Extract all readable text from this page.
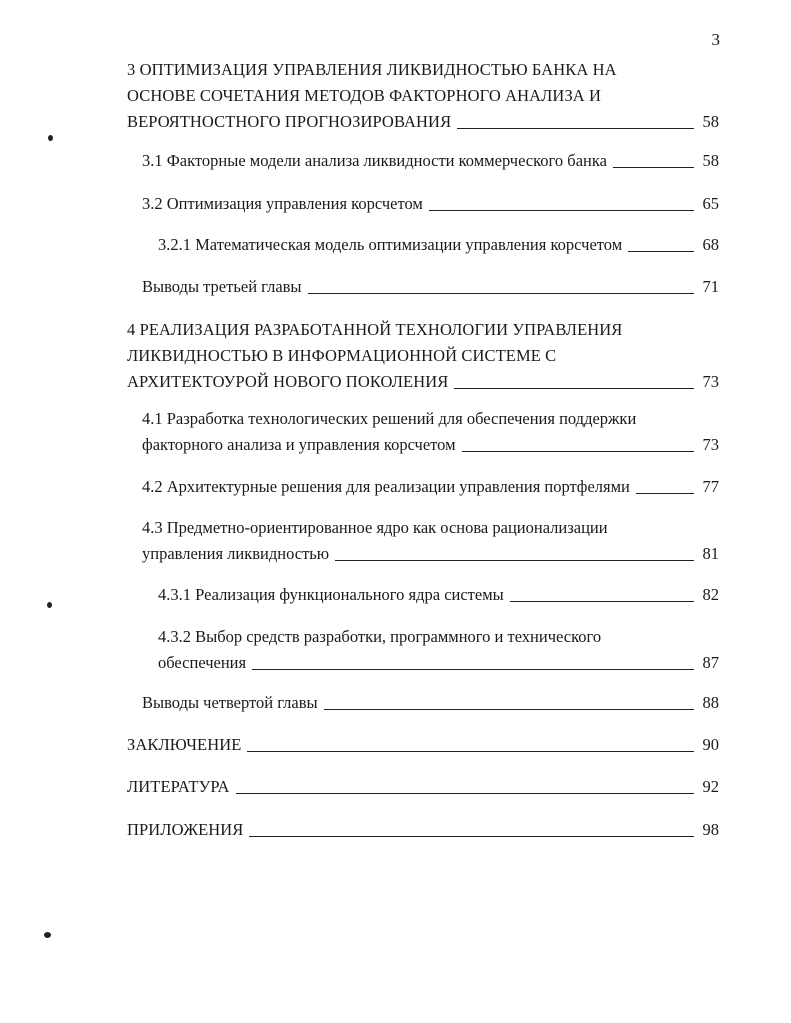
3
3 ОПТИМИЗАЦИЯ УПРАВЛЕНИЯ ЛИКВИДНОСТЬЮ БАНКА НА
ОСНОВЕ СОЧЕТАНИЯ МЕТОДОВ ФАКТОРНОГО АНАЛИЗА И
ВЕРОЯТНОСТНОГО ПРОГНОЗИРОВАНИЯ	58
3.1 Факторные модели анализа ликвидности коммерческого банка	58
3.2 Оптимизация управления корсчетом	65
3.2.1 Математическая модель оптимизации управления корсчетом	68
Выводы третьей главы	71
4 РЕАЛИЗАЦИЯ РАЗРАБОТАННОЙ ТЕХНОЛОГИИ УПРАВЛЕНИЯ
ЛИКВИДНОСТЬЮ В ИНФОРМАЦИОННОЙ СИСТЕМЕ С
АРХИТЕКТОУРОЙ НОВОГО ПОКОЛЕНИЯ	73
4.1 Разработка технологических решений для обеспечения поддержки
факторного анализа и управления корсчетом	73
4.2 Архитектурные решения для реализации управления портфелями	77
4.3 Предметно-ориентированное ядро как основа рационализации
управления ликвидностью	81
4.3.1 Реализация функционального ядра системы	82
4.3.2 Выбор средств разработки, программного и технического
обеспечения	87
Выводы четвертой главы	88
ЗАКЛЮЧЕНИЕ	90
ЛИТЕРАТУРА	92
ПРИЛОЖЕНИЯ	98
